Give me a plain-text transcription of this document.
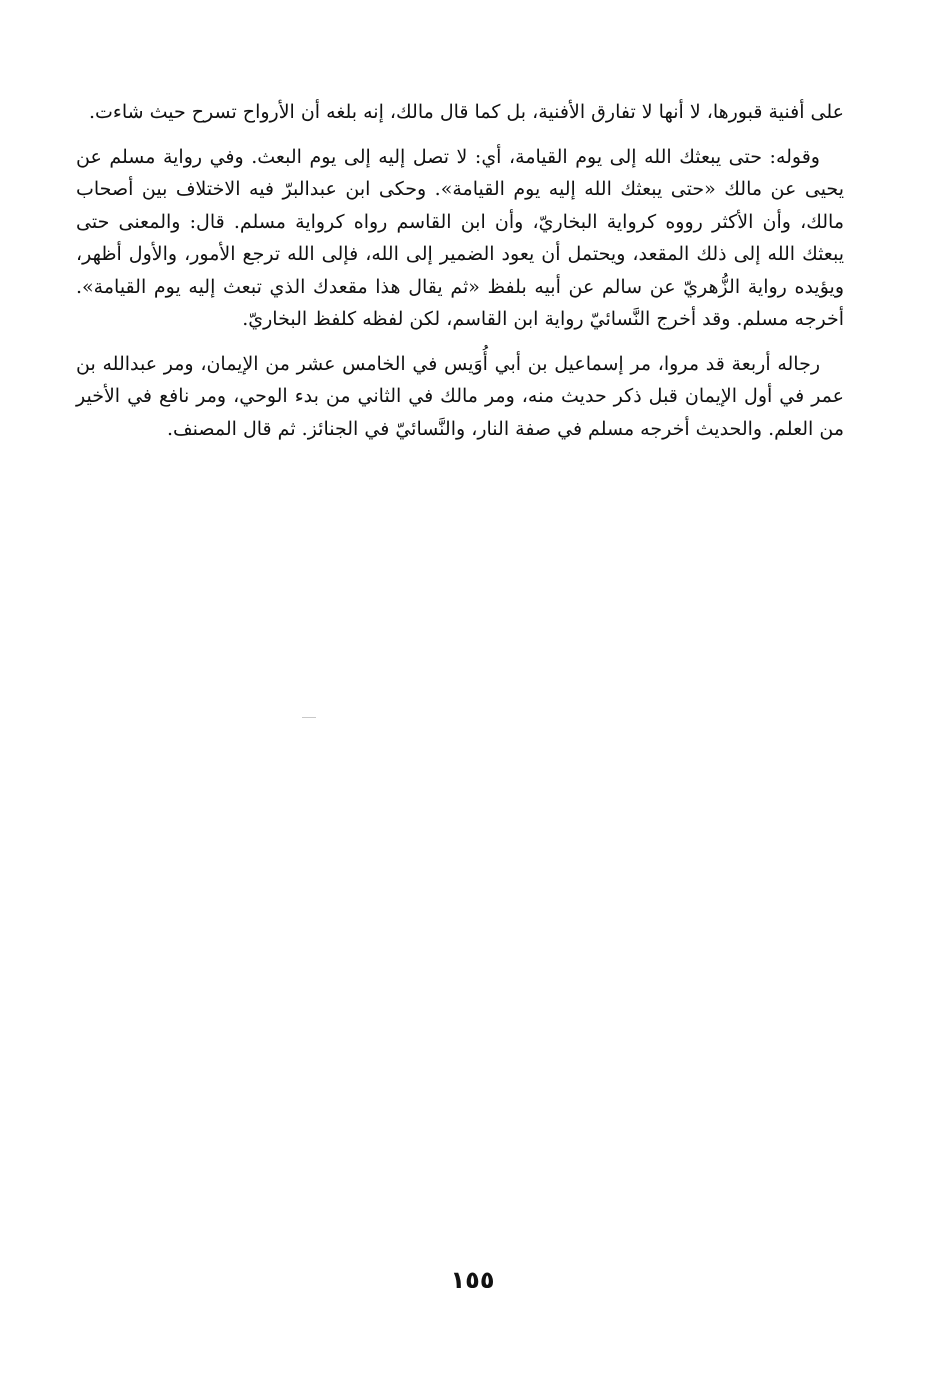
على أفنية قبورها، لا أنها لا تفارق الأفنية، بل كما قال مالك، إنه بلغه أن الأرواح تسرح حيث شاءت.

وقوله: حتى يبعثك الله إلى يوم القيامة، أي: لا تصل إليه إلى يوم البعث. وفي رواية مسلم عن يحيى عن مالك «حتى يبعثك الله إليه يوم القيامة». وحكى ابن عبدالبرّ فيه الاختلاف بين أصحاب مالك، وأن الأكثر رووه كرواية البخاريّ، وأن ابن القاسم رواه كرواية مسلم. قال: والمعنى حتى يبعثك الله إلى ذلك المقعد، ويحتمل أن يعود الضمير إلى الله، فإلى الله ترجع الأمور، والأول أظهر، ويؤيده رواية الزُّهريّ عن سالم عن أبيه بلفظ «ثم يقال هذا مقعدك الذي تبعث إليه يوم القيامة». أخرجه مسلم. وقد أخرج النَّسائيّ رواية ابن القاسم، لكن لفظه كلفظ البخاريّ.

رجاله أربعة قد مروا، مر إسماعيل بن أبي أُوَيس في الخامس عشر من الإيمان، ومر عبدالله بن عمر في أول الإيمان قبل ذكر حديث منه، ومر مالك في الثاني من بدء الوحي، ومر نافع في الأخير من العلم. والحديث أخرجه مسلم في صفة النار، والنَّسائيّ في الجنائز. ثم قال المصنف.

١٥٥
